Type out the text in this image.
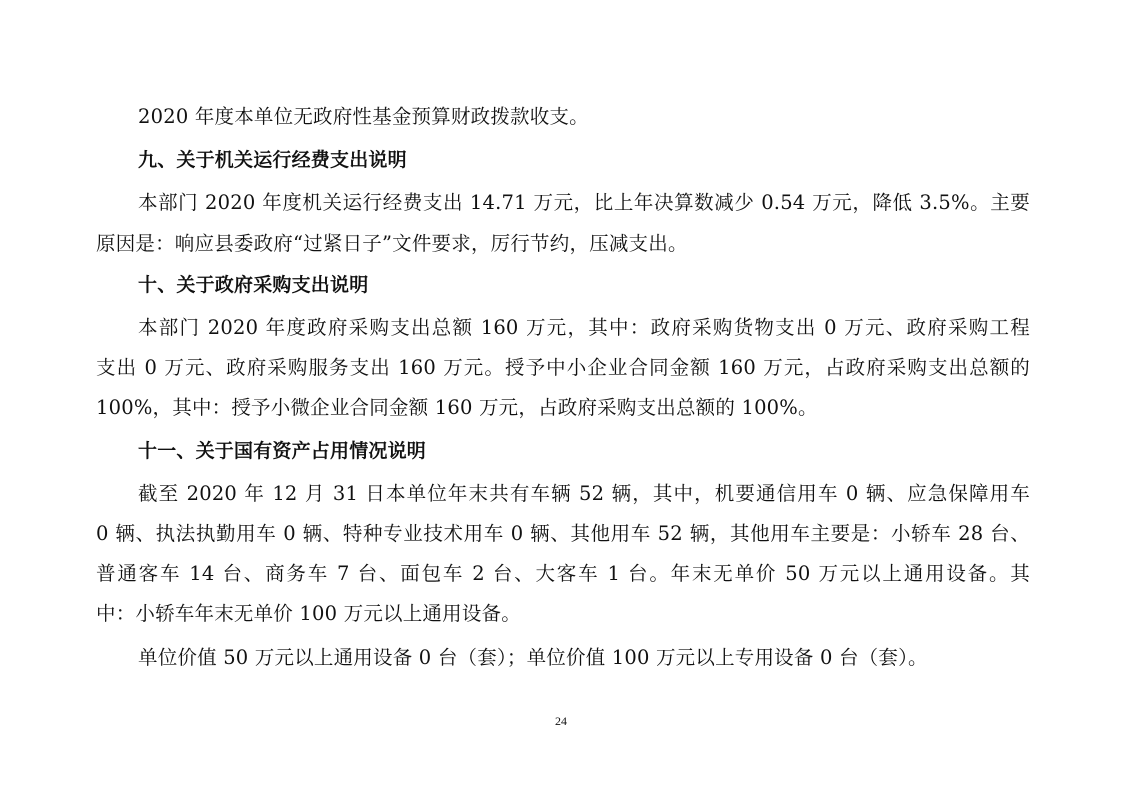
2020 年度本单位无政府性基金预算财政拨款收支。
九、关于机关运行经费支出说明
本部门 2020 年度机关运行经费支出 14.71 万元，比上年决算数减少 0.54 万元，降低 3.5%。主要
原因是：响应县委政府“过紧日子”文件要求，厉行节约，压减支出。
十、关于政府采购支出说明
本部门 2020 年度政府采购支出总额 160 万元，其中：政府采购货物支出 0 万元、政府采购工程
支出 0 万元、政府采购服务支出 160 万元。授予中小企业合同金额 160 万元，占政府采购支出总额的
100%，其中：授予小微企业合同金额 160 万元，占政府采购支出总额的 100%。
十一、关于国有资产占用情况说明
截至 2020 年 12 月 31 日本单位年末共有车辆 52 辆，其中，机要通信用车 0 辆、应急保障用车
0 辆、执法执勤用车 0 辆、特种专业技术用车 0 辆、其他用车 52 辆，其他用车主要是：小轿车 28 台、
普通客车 14 台、商务车 7 台、面包车 2 台、大客车 1 台。年末无单价 50 万元以上通用设备。其
中：小轿车年末无单价 100 万元以上通用设备。
单位价值 50 万元以上通用设备 0 台（套）；单位价值 100 万元以上专用设备 0 台（套）。
24
